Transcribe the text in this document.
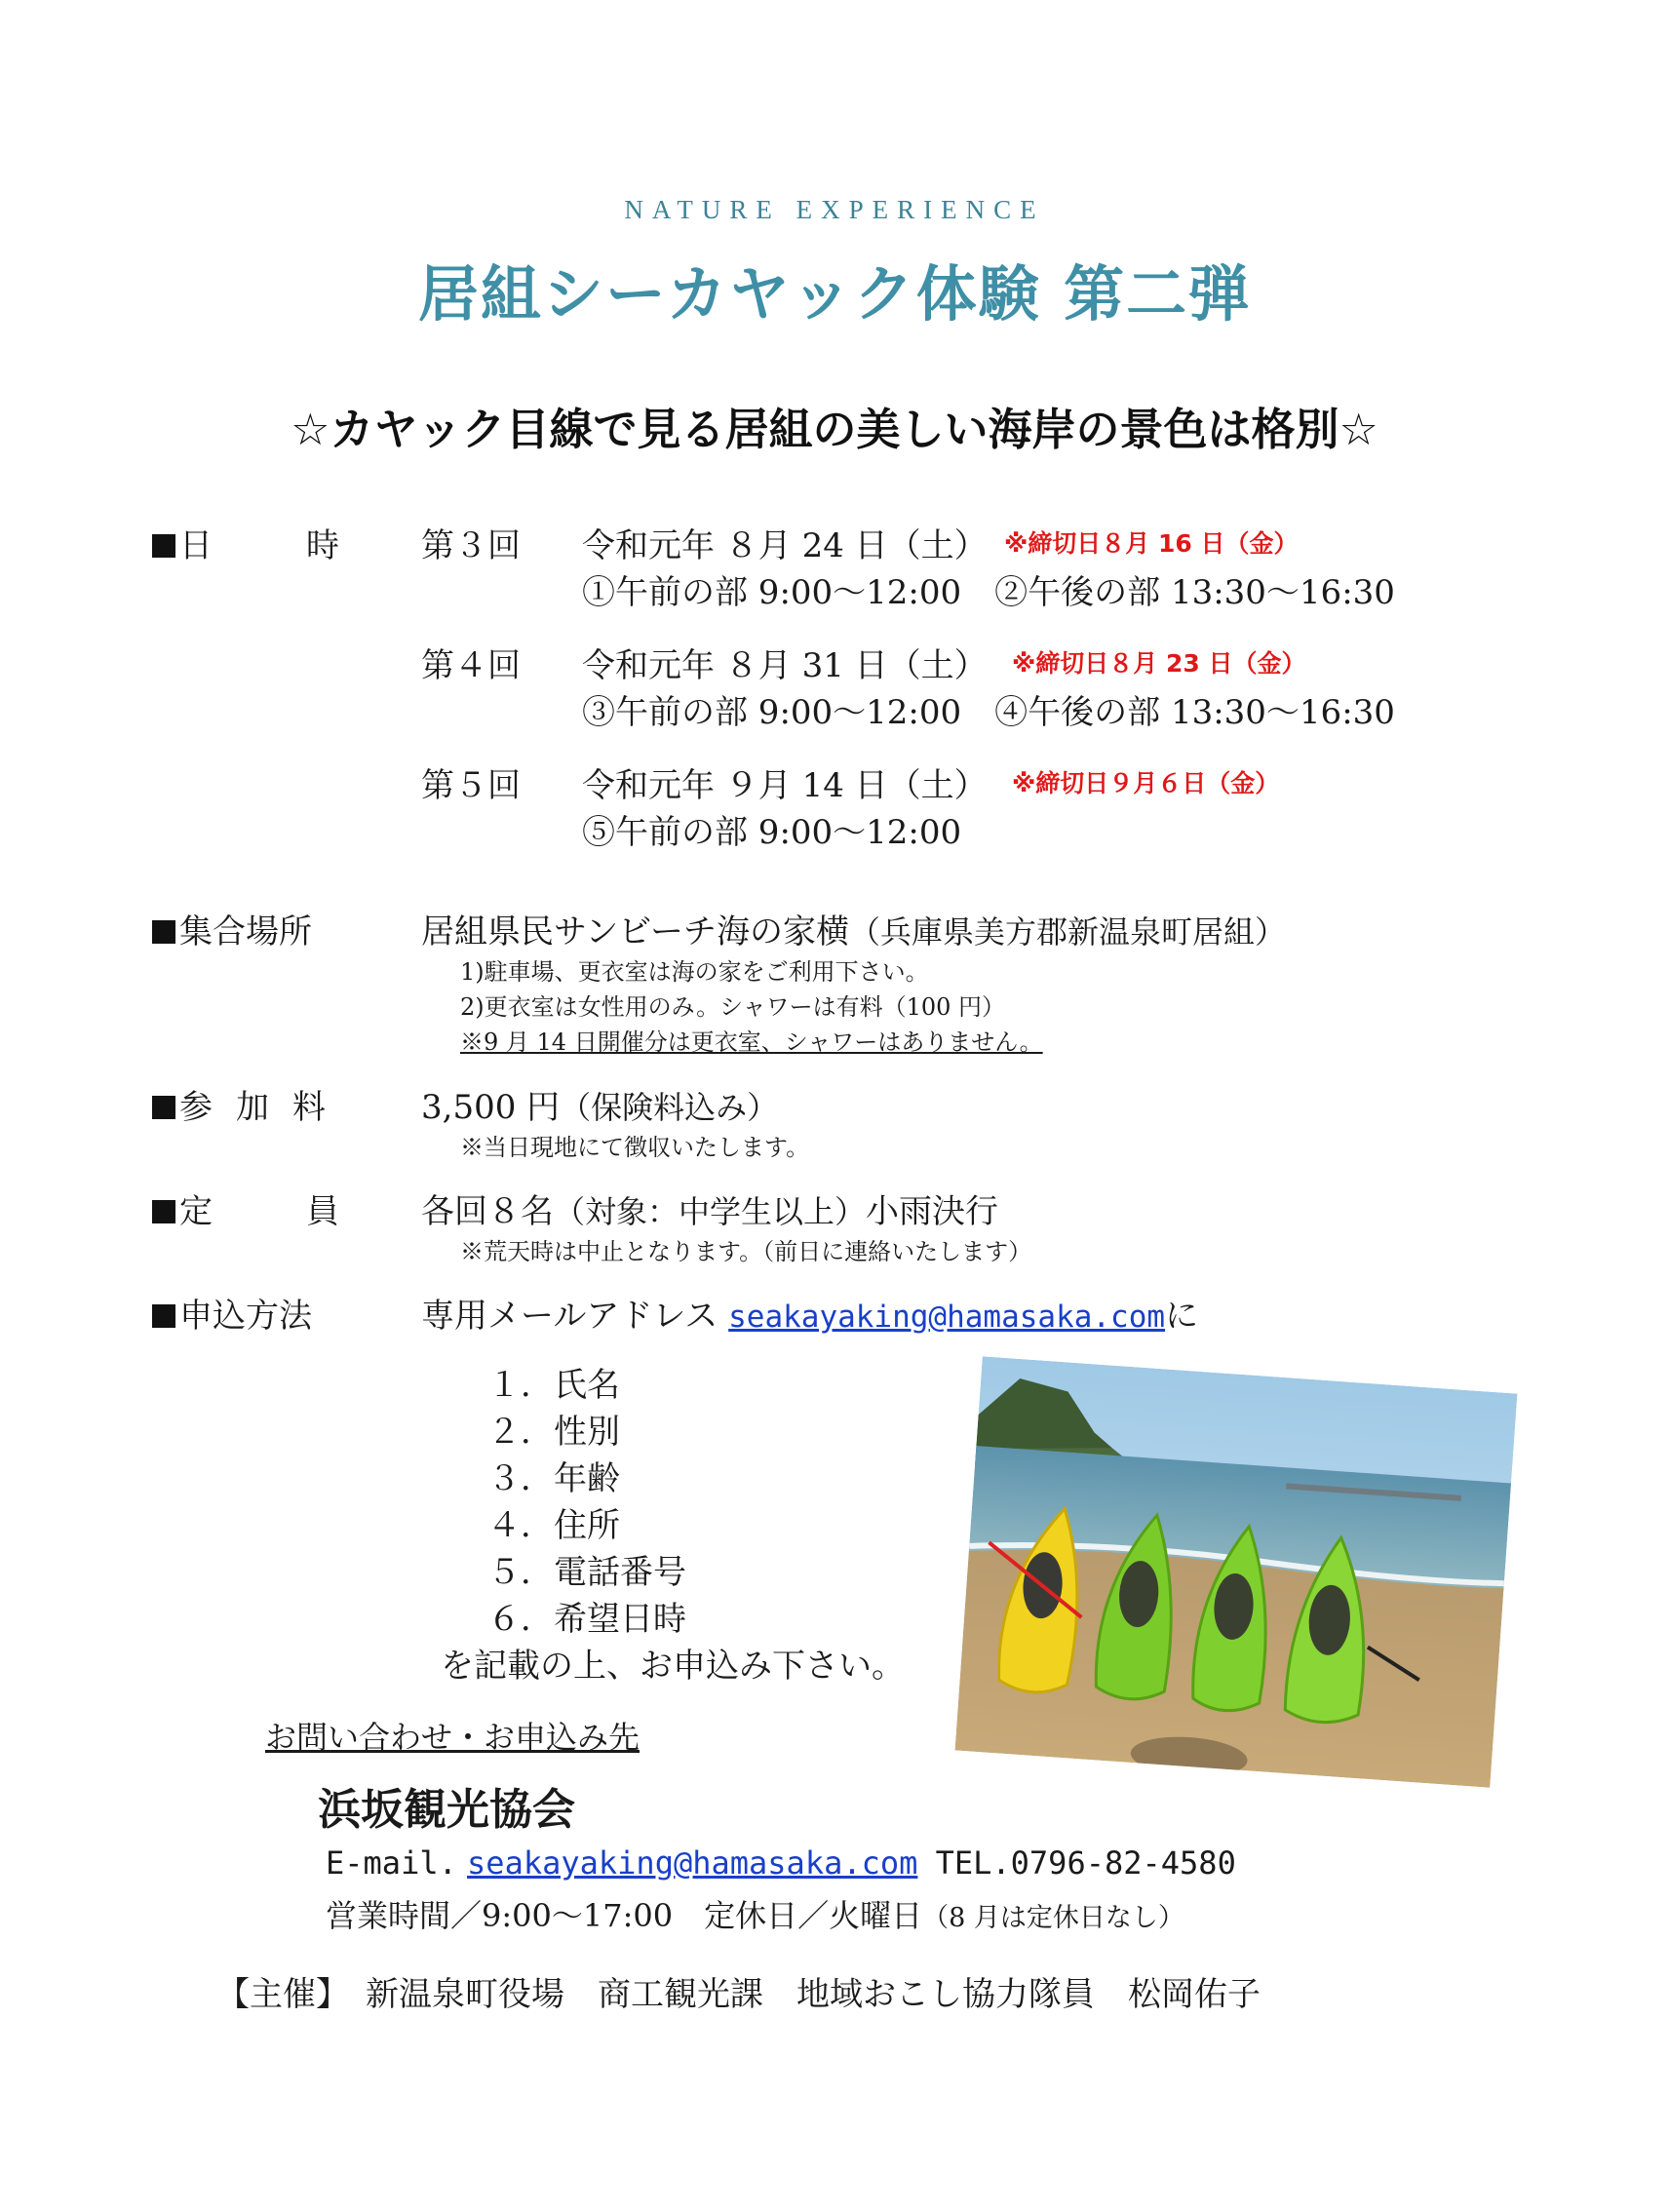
NATURE EXPERIENCE
居組シーカヤック体験 第二弾
☆カヤック目線で見る居組の美しい海岸の景色は格別☆
日	時 第３回 令和元年 ８月 24 日（土） ※締切日８月 16 日（金）
①午前の部 9:00～12:00　②午後の部 13:30～16:30
第４回 令和元年 ８月 31 日（土） ※締切日８月 23 日（金）
③午前の部 9:00～12:00　④午後の部 13:30～16:30
第５回 令和元年 ９月 14 日（土） ※締切日９月６日（金）
⑤午前の部 9:00～12:00
集合場所	居組県民サンビーチ海の家横（兵庫県美方郡新温泉町居組）
1)駐車場、更衣室は海の家をご利用下さい。
2)更衣室は女性用のみ。シャワーは有料（100 円）
※9 月 14 日開催分は更衣室、シャワーはありません。
参 加 料	3,500 円（保険料込み）
※当日現地にて徴収いたします。
定	員 各回８名（対象：中学生以上）小雨決行
※荒天時は中止となります。（前日に連絡いたします）
申込方法	専用メールアドレス seakayaking@hamasaka.comに
１．氏名
２．性別
３．年齢
４．住所
５．電話番号
６．希望日時
を記載の上、お申込み下さい。
お問い合わせ・お申込み先
浜坂観光協会
E-mail. seakayaking@hamasaka.com TEL.0796-82-4580
営業時間／9:00～17:00　定休日／火曜日（8 月は定休日なし）
【主催】　新温泉町役場　商工観光課　地域おこし協力隊員　松岡佑子
